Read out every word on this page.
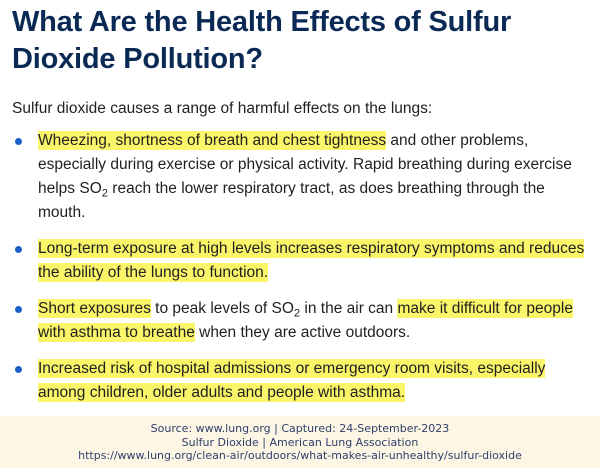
What Are the Health Effects of Sulfur Dioxide Pollution?

Sulfur dioxide causes a range of harmful effects on the lungs:

Wheezing, shortness of breath and chest tightness and other problems, especially during exercise or physical activity. Rapid breathing during exercise helps $SO_2$ reach the lower respiratory tract, as does breathing through the mouth.
Long-term exposure at high levels increases respiratory symptoms and reduces the ability of the lungs to function.
Short exposures to peak levels of $SO_2$ in the air can make it difficult for people with asthma to breathe when they are active outdoors.
Increased risk of hospital admissions or emergency room visits, especially among children, older adults and people with asthma.
Source: www.lung.org | Captured: 24-September-2023
Sulfur Dioxide | American Lung Association
https://www.lung.org/clean-air/outdoors/what-makes-air-unhealthy/sulfur-dioxide
